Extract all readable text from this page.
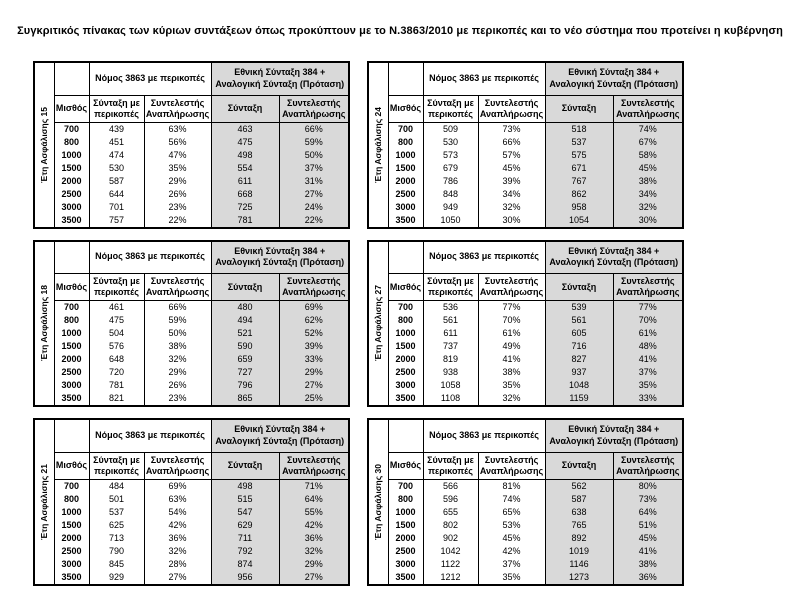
Συγκριτικός πίνακας των κύριων συντάξεων όπως προκύπτουν με το Ν.3863/2010 με περικοπές και το νέο σύστημα που προτείνει η κυβέρνηση
Έτη Ασφάλισης 15		Νόμος 3863 με περικοπές		Εθνική Σύνταξη 384 + Αναλογική Σύνταξη (Πρόταση)	
	Μισθός	Σύνταξη με περικοπές	Συντελεστής Αναπλήρωσης	Σύνταξη	Συντελεστής Αναπλήρωσης
	700	439	63%	463	66%
	800	451	56%	475	59%
	1000	474	47%	498	50%
	1500	530	35%	554	37%
	2000	587	29%	611	31%
	2500	644	26%	668	27%
	3000	701	23%	725	24%
	3500	757	22%	781	22%
Έτη Ασφάλισης 24		Νόμος 3863 με περικοπές		Εθνική Σύνταξη 384 + Αναλογική Σύνταξη (Πρόταση)	
	Μισθός	Σύνταξη με περικοπές	Συντελεστής Αναπλήρωσης	Σύνταξη	Συντελεστής Αναπλήρωσης
	700	509	73%	518	74%
	800	530	66%	537	67%
	1000	573	57%	575	58%
	1500	679	45%	671	45%
	2000	786	39%	767	38%
	2500	848	34%	862	34%
	3000	949	32%	958	32%
	3500	1050	30%	1054	30%
Έτη Ασφάλισης 18		Νόμος 3863 με περικοπές		Εθνική Σύνταξη 384 + Αναλογική Σύνταξη (Πρόταση)	
	Μισθός	Σύνταξη με περικοπές	Συντελεστής Αναπλήρωσης	Σύνταξη	Συντελεστής Αναπλήρωσης
	700	461	66%	480	69%
	800	475	59%	494	62%
	1000	504	50%	521	52%
	1500	576	38%	590	39%
	2000	648	32%	659	33%
	2500	720	29%	727	29%
	3000	781	26%	796	27%
	3500	821	23%	865	25%
Έτη Ασφάλισης 27		Νόμος 3863 με περικοπές		Εθνική Σύνταξη 384 + Αναλογική Σύνταξη (Πρόταση)	
	Μισθός	Σύνταξη με περικοπές	Συντελεστής Αναπλήρωσης	Σύνταξη	Συντελεστής Αναπλήρωσης
	700	536	77%	539	77%
	800	561	70%	561	70%
	1000	611	61%	605	61%
	1500	737	49%	716	48%
	2000	819	41%	827	41%
	2500	938	38%	937	37%
	3000	1058	35%	1048	35%
	3500	1108	32%	1159	33%
Έτη Ασφάλισης 21		Νόμος 3863 με περικοπές		Εθνική Σύνταξη 384 + Αναλογική Σύνταξη (Πρόταση)	
	Μισθός	Σύνταξη με περικοπές	Συντελεστής Αναπλήρωσης	Σύνταξη	Συντελεστής Αναπλήρωσης
	700	484	69%	498	71%
	800	501	63%	515	64%
	1000	537	54%	547	55%
	1500	625	42%	629	42%
	2000	713	36%	711	36%
	2500	790	32%	792	32%
	3000	845	28%	874	29%
	3500	929	27%	956	27%
Έτη Ασφάλισης 30		Νόμος 3863 με περικοπές		Εθνική Σύνταξη 384 + Αναλογική Σύνταξη (Πρόταση)	
	Μισθός	Σύνταξη με περικοπές	Συντελεστής Αναπλήρωσης	Σύνταξη	Συντελεστής Αναπλήρωσης
	700	566	81%	562	80%
	800	596	74%	587	73%
	1000	655	65%	638	64%
	1500	802	53%	765	51%
	2000	902	45%	892	45%
	2500	1042	42%	1019	41%
	3000	1122	37%	1146	38%
	3500	1212	35%	1273	36%
